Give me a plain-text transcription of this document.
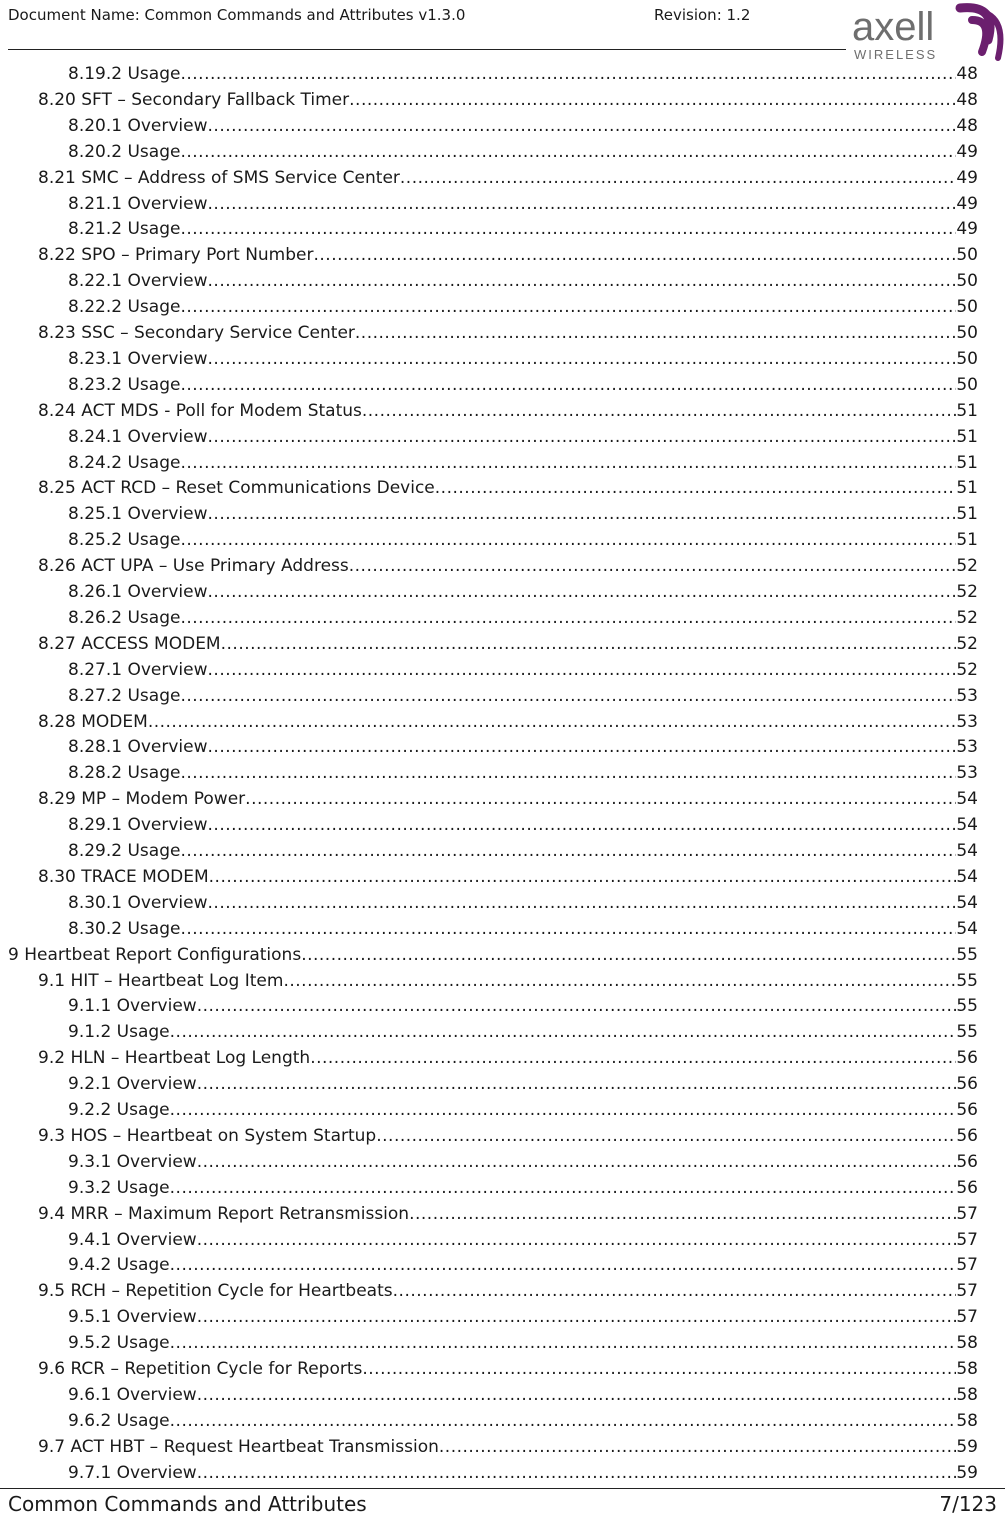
Document Name: Common Commands and Attributes v1.3.0	Revision: 1.2	axell
WIRELESS
8.19.2 Usage .....	48
8.20 SFT – Secondary Fallback Timer .....	48
8.20.1 Overview .....	48
8.20.2 Usage .....	49
8.21 SMC – Address of SMS Service Center .....	49
8.21.1 Overview .....	49
8.21.2 Usage .....	49
8.22 SPO – Primary Port Number .....	50
8.22.1 Overview .....	50
8.22.2 Usage .....	50
8.23 SSC – Secondary Service Center .....	50
8.23.1 Overview .....	50
8.23.2 Usage .....	50
8.24 ACT MDS - Poll for Modem Status .....	51
8.24.1 Overview .....	51
8.24.2 Usage .....	51
8.25 ACT RCD – Reset Communications Device .....	51
8.25.1 Overview .....	51
8.25.2 Usage .....	51
8.26 ACT UPA – Use Primary Address .....	52
8.26.1 Overview .....	52
8.26.2 Usage .....	52
8.27 ACCESS MODEM .....	52
8.27.1 Overview .....	52
8.27.2 Usage .....	53
8.28 MODEM .....	53
8.28.1 Overview .....	53
8.28.2 Usage .....	53
8.29 MP – Modem Power .....	54
8.29.1 Overview .....	54
8.29.2 Usage .....	54
8.30 TRACE MODEM .....	54
8.30.1 Overview .....	54
8.30.2 Usage .....	54
9 Heartbeat Report Configurations .....	55
9.1 HIT – Heartbeat Log Item .....	55
9.1.1 Overview .....	55
9.1.2 Usage .....	55
9.2 HLN – Heartbeat Log Length .....	56
9.2.1 Overview .....	56
9.2.2 Usage .....	56
9.3 HOS – Heartbeat on System Startup .....	56
9.3.1 Overview .....	56
9.3.2 Usage .....	56
9.4 MRR – Maximum Report Retransmission .....	57
9.4.1 Overview .....	57
9.4.2 Usage .....	57
9.5 RCH – Repetition Cycle for Heartbeats .....	57
9.5.1 Overview .....	57
9.5.2 Usage .....	58
9.6 RCR – Repetition Cycle for Reports .....	58
9.6.1 Overview .....	58
9.6.2 Usage .....	58
9.7 ACT HBT – Request Heartbeat Transmission .....	59
9.7.1 Overview .....	59
Common Commands and Attributes	7/123
